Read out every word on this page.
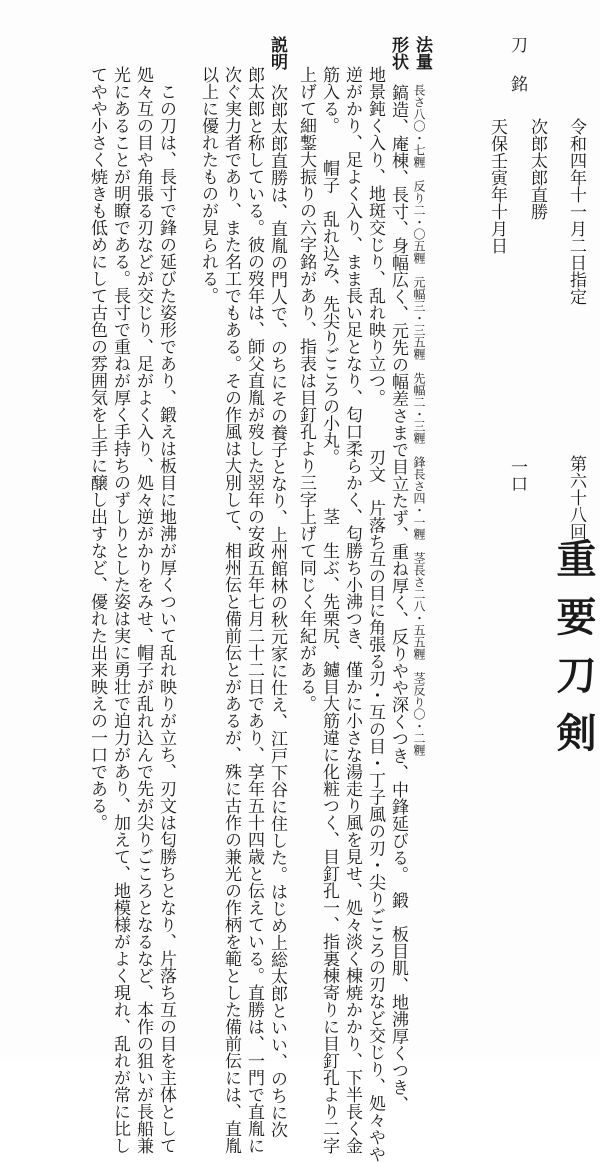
令和四年十一月二日指定
第六十八回
重要刀剣
刀
銘
次郎太郎直勝
天保壬寅年十月日
一口
法量
長さ八〇・七糎　反り二・〇五糎　元幅三・三五糎　先幅二・三糎　鋒長さ四・一糎　茎長さ二八・五五糎　茎反り〇・二糎
形状
鎬造、庵棟、長寸、身幅広く、元先の幅差さまで目立たず、重ね厚く、反りやや深くつき、中鋒延びる。　鍛　板目肌、地沸厚くつき、
地景鈍く入り、地斑交じり、乱れ映り立つ。　　　刃文　片落ち互の目に角張る刃・互の目・丁子風の刃・尖りごころの刃など交じり、処々やや
逆がかり、足よく入り、まま長い足となり、匂口柔らかく、匂勝ち小沸つき、僅かに小さな湯走り風を見せ、処々淡く棟焼かかり、下半長く金
筋入る。　　帽子　乱れ込み、先尖りごころの小丸。　　　茎　生ぶ、先栗尻、鑢目大筋違に化粧つく、目釘孔一、指裏棟寄りに目釘孔より二字
上げて細鏨大振りの六字銘があり、指表は目釘孔より三字上げて同じく年紀がある。
説明
次郎太郎直勝は、直胤の門人で、のちにその養子となり、上州館林の秋元家に仕え、江戸下谷に住した。はじめ上総太郎といい、のちに次
郎太郎と称している。彼の歿年は、師父直胤が歿した翌年の安政五年七月二十二日であり、享年五十四歳と伝えている。直勝は、一門で直胤に
次ぐ実力者であり、また名工でもある。その作風は大別して、相州伝と備前伝とがあるが、殊に古作の兼光の作柄を範とした備前伝には、直胤
以上に優れたものが見られる。
　この刀は、長寸で鋒の延びた姿形であり、鍛えは板目に地沸が厚くついて乱れ映りが立ち、刃文は匂勝ちとなり、片落ち互の目を主体として
処々互の目や角張る刃などが交じり、足がよく入り、処々逆がかりをみせ、帽子が乱れ込んで先が尖りごころとなるなど、本作の狙いが長船兼
光にあることが明瞭である。長寸で重ねが厚く手持ちのずしりとした姿は実に勇壮で迫力があり、加えて、地模様がよく現れ、乱れが常に比し
てやや小さく焼きも低めにして古色の雰囲気を上手に醸し出すなど、優れた出来映えの一口である。
